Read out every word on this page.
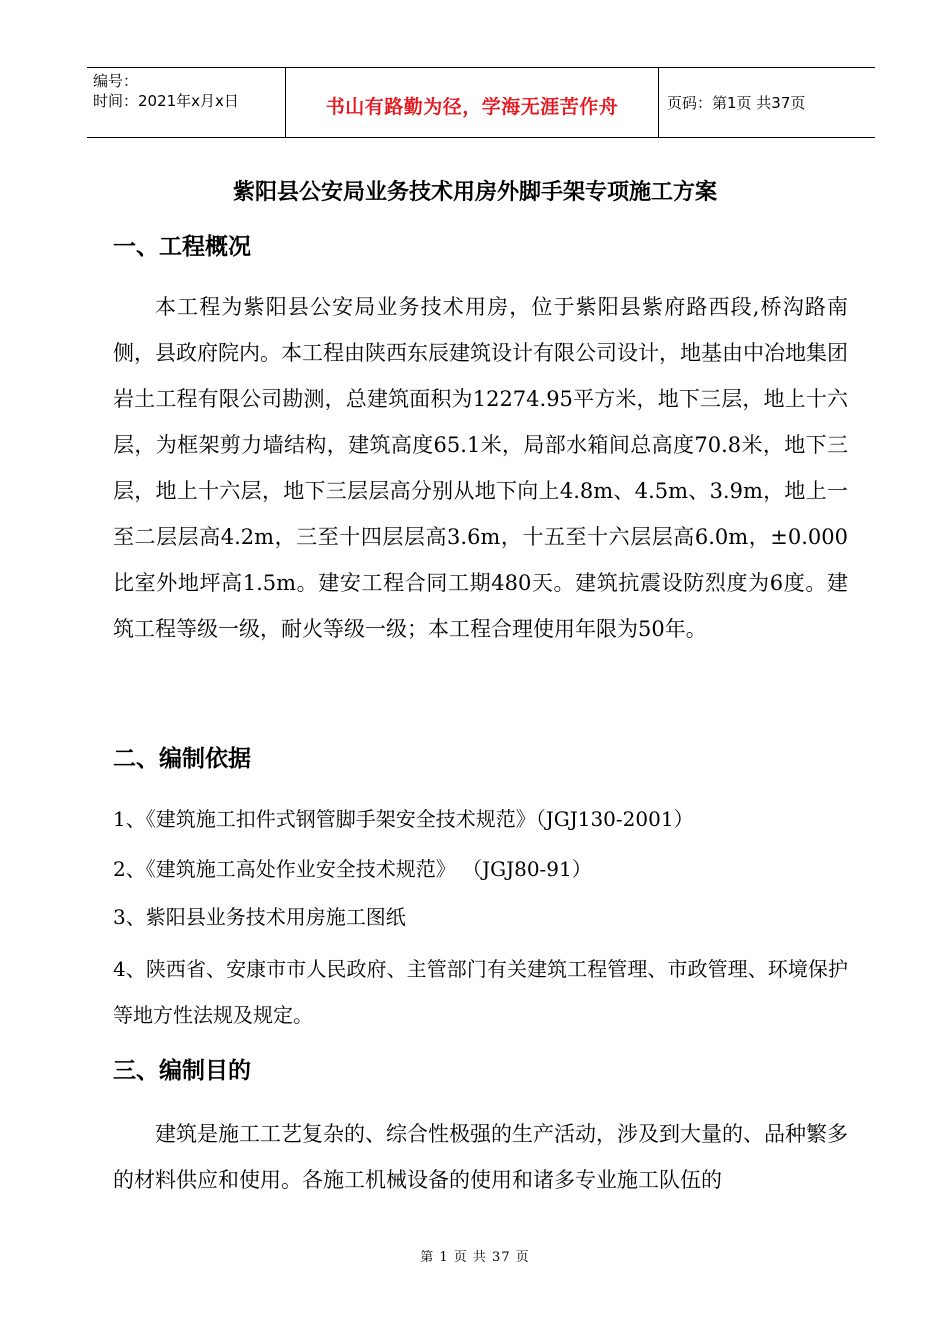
编号：
时间：2021年x月x日	书山有路勤为径，学海无涯苦作舟	页码：第1页 共37页
紫阳县公安局业务技术用房外脚手架专项施工方案
一、工程概况
本工程为紫阳县公安局业务技术用房，位于紫阳县紫府路西段,桥沟路南侧，县政府院内。本工程由陕西东辰建筑设计有限公司设计，地基由中冶地集团岩土工程有限公司勘测，总建筑面积为12274.95平方米，地下三层，地上十六层，为框架剪力墙结构，建筑高度65.1米，局部水箱间总高度70.8米，地下三层，地上十六层，地下三层层高分别从地下向上4.8m、4.5m、3.9m，地上一至二层层高4.2m，三至十四层层高3.6m，十五至十六层层高6.0m，±0.000比室外地坪高1.5m。建安工程合同工期480天。建筑抗震设防烈度为6度。建筑工程等级一级，耐火等级一级；本工程合理使用年限为50年。
二、编制依据
1、《建筑施工扣件式钢管脚手架安全技术规范》（JGJ130-2001）
2、《建筑施工高处作业安全技术规范》 （JGJ80-91）
3、紫阳县业务技术用房施工图纸
4、陕西省、安康市市人民政府、主管部门有关建筑工程管理、市政管理、环境保护等地方性法规及规定。
三、编制目的
建筑是施工工艺复杂的、综合性极强的生产活动，涉及到大量的、品种繁多的材料供应和使用。各施工机械设备的使用和诸多专业施工队伍的
第 1 页 共 37 页
